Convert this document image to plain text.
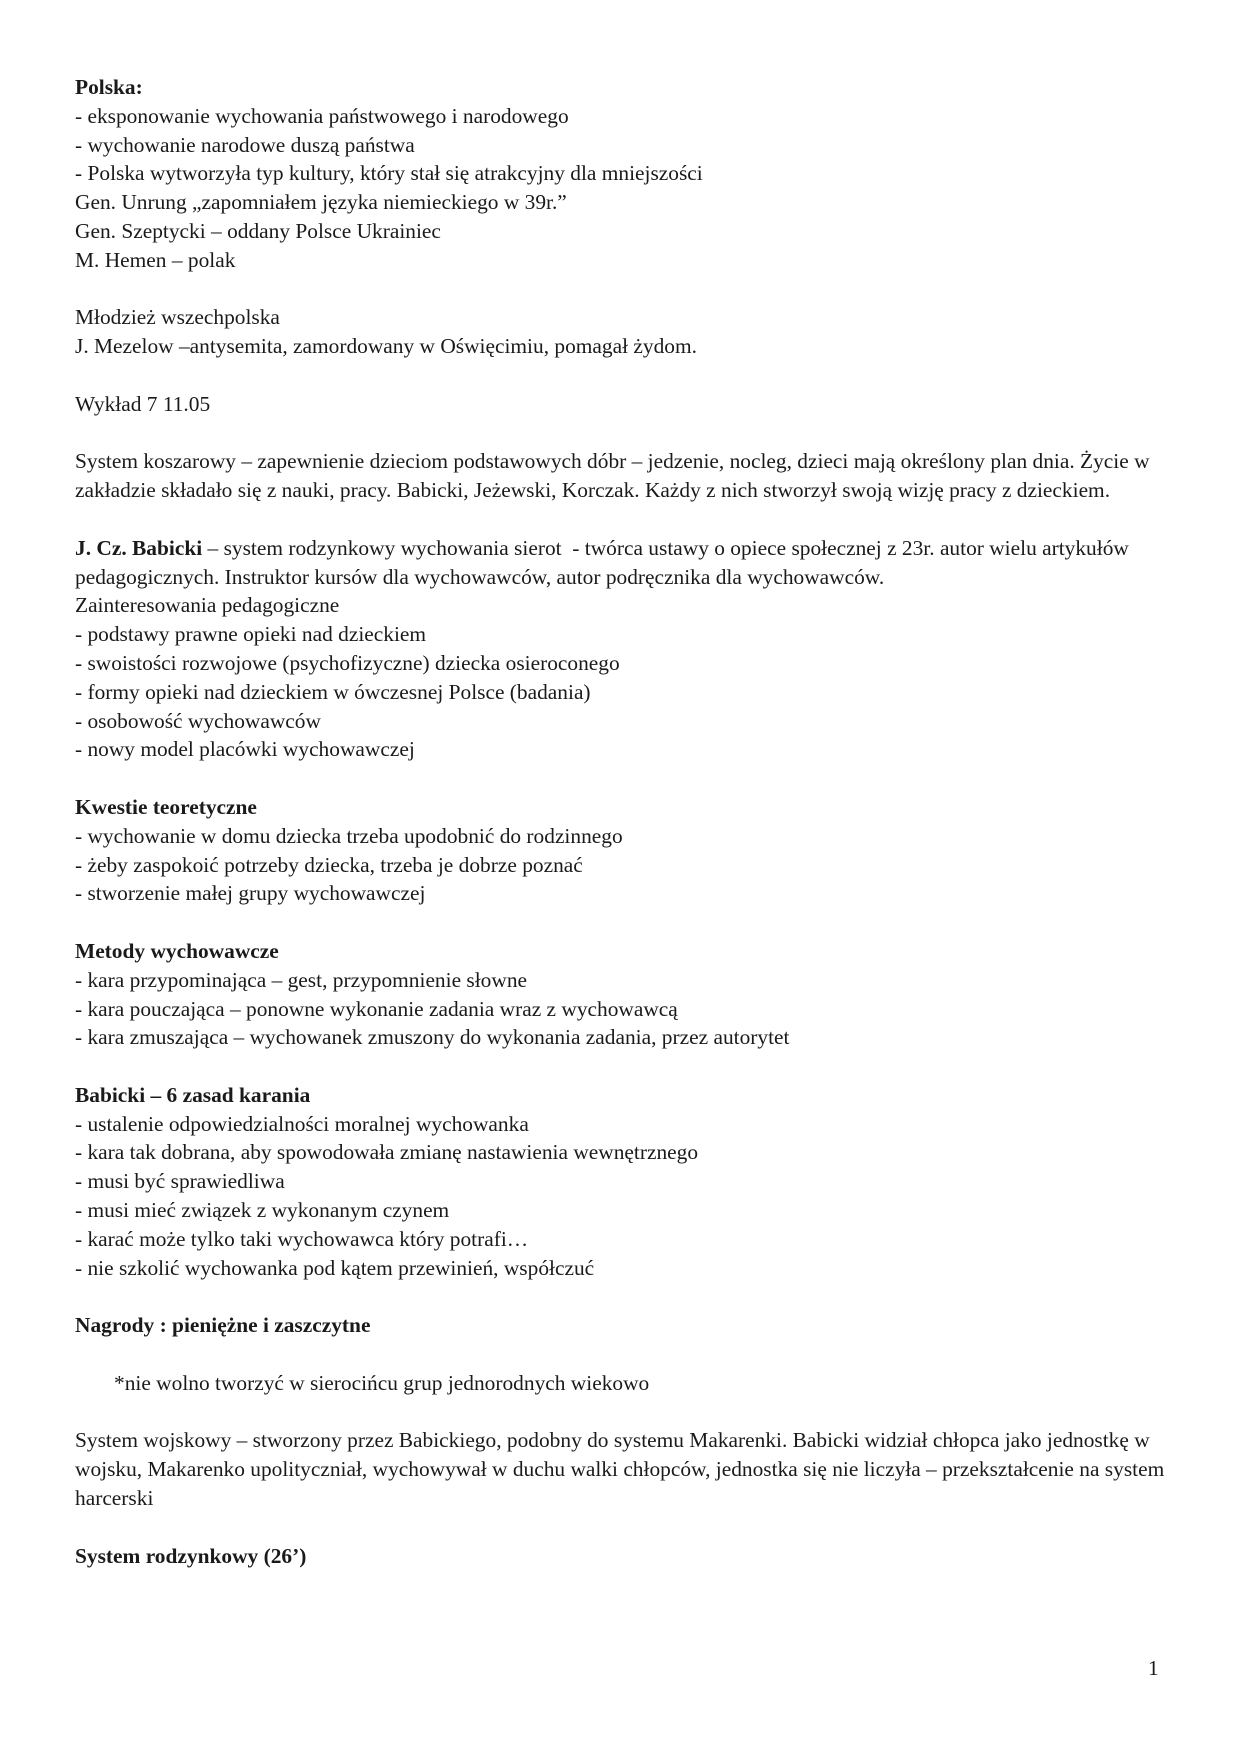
Polska:

- eksponowanie wychowania państwowego i narodowego

- wychowanie narodowe duszą państwa

- Polska wytworzyła typ kultury, który stał się atrakcyjny dla mniejszości

Gen. Unrung „zapomniałem języka niemieckiego w 39r.”

Gen. Szeptycki – oddany Polsce Ukrainiec

M. Hemen – polak

Młodzież wszechpolska

J. Mezelow –antysemita, zamordowany w Oświęcimiu, pomagał żydom.

Wykład 7 11.05

System koszarowy – zapewnienie dzieciom podstawowych dóbr – jedzenie, nocleg, dzieci mają określony plan dnia. Życie w zakładzie składało się z nauki, pracy. Babicki, Jeżewski, Korczak. Każdy z nich stworzył swoją wizję pracy z dzieckiem.

J. Cz. Babicki – system rodzynkowy wychowania sierot  - twórca ustawy o opiece społecznej z 23r. autor wielu artykułów pedagogicznych. Instruktor kursów dla wychowawców, autor podręcznika dla wychowawców.

Zainteresowania pedagogiczne

- podstawy prawne opieki nad dzieckiem

- swoistości rozwojowe (psychofizyczne) dziecka osieroconego

- formy opieki nad dzieckiem w ówczesnej Polsce (badania)

- osobowość wychowawców

- nowy model placówki wychowawczej

Kwestie teoretyczne

- wychowanie w domu dziecka trzeba upodobnić do rodzinnego

- żeby zaspokoić potrzeby dziecka, trzeba je dobrze poznać

- stworzenie małej grupy wychowawczej

Metody wychowawcze

- kara przypominająca – gest, przypomnienie słowne

- kara pouczająca – ponowne wykonanie zadania wraz z wychowawcą

- kara zmuszająca – wychowanek zmuszony do wykonania zadania, przez autorytet

Babicki – 6 zasad karania

- ustalenie odpowiedzialności moralnej wychowanka

- kara tak dobrana, aby spowodowała zmianę nastawienia wewnętrznego

- musi być sprawiedliwa

- musi mieć związek z wykonanym czynem

- karać może tylko taki wychowawca który potrafi…

- nie szkolić wychowanka pod kątem przewinień, współczuć

Nagrody : pieniężne i zaszczytne

*nie wolno tworzyć w sierocińcu grup jednorodnych wiekowo

System wojskowy – stworzony przez Babickiego, podobny do systemu Makarenki. Babicki widział chłopca jako jednostkę w wojsku, Makarenko upolityczniał, wychowywał w duchu walki chłopców, jednostka się nie liczyła – przekształcenie na system harcerski

System rodzynkowy (26’)

1
